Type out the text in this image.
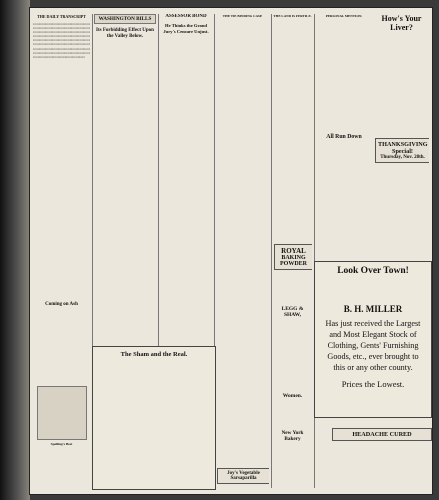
THE DAILY TRANSCRIPT
▪▪▪▪▪▪▪▪▪▪▪▪▪▪▪▪▪▪▪▪▪▪▪▪▪▪▪▪▪▪▪▪▪▪▪▪▪▪▪▪▪▪▪▪▪▪▪▪▪▪▪▪▪▪▪▪▪▪▪▪▪▪▪▪▪▪▪▪▪▪▪▪▪▪▪▪▪▪▪▪▪▪▪▪▪▪▪▪▪▪▪▪▪▪▪▪▪▪▪▪▪▪▪▪▪▪▪▪▪▪▪▪▪▪▪▪▪▪▪▪▪▪▪▪▪▪▪▪▪▪▪▪▪▪▪▪▪▪▪▪▪▪▪▪▪▪▪▪▪▪▪▪▪▪▪▪▪▪▪▪▪▪▪▪▪▪▪▪▪▪▪▪▪▪▪▪▪▪▪▪▪▪▪▪▪▪▪▪▪▪▪▪▪▪▪▪▪▪▪▪▪▪▪▪▪▪▪▪▪▪▪▪▪▪▪▪▪▪▪▪▪▪▪▪▪▪▪▪▪▪▪▪▪▪▪▪▪▪▪▪▪▪▪▪▪▪▪▪▪▪▪▪▪▪▪▪▪▪▪▪▪▪▪▪▪▪▪▪▪▪▪▪▪▪▪▪▪▪▪▪▪▪▪▪▪▪▪▪▪▪▪▪▪▪▪▪▪▪▪▪▪▪▪▪▪▪▪▪▪▪▪▪▪▪▪▪▪▪▪▪▪▪▪▪▪▪▪▪▪▪▪▪▪▪▪▪▪▪▪▪▪▪▪▪▪▪▪▪▪▪▪▪▪▪▪▪▪▪▪▪▪▪▪▪▪▪▪▪▪▪▪▪▪▪▪▪▪▪▪▪▪▪▪▪▪▪▪▪▪▪▪▪▪▪▪▪▪▪▪▪▪▪▪▪▪▪▪▪▪▪▪▪▪▪▪▪▪▪▪▪▪▪▪▪▪▪▪▪
Coming on Ash
Spelling's Best
WASHINGTON BILLS
Its Forbidding Effect Upon the Valley Below.
ASSESSOR BOND
He Thinks the Grand Jury's Censure Unjust.
The Sham and the Real.
THE TIE BINDING CASE
Joy's Vegetable Sarsaparilla
THE LAND IS FERTILE.
ROYAL
BAKING
POWDER
LEGG & SHAW,
Women.
New York Bakery
PERSONAL MENTION.
All Run Down
How's Your Liver?
THANKSGIVING
Special!
Thursday, Nov. 28th.
Look Over Town!
B. H. MILLER
Has just received the Largest and Most Elegant Stock of Clothing, Gents' Furnishing Goods, etc., ever brought to this or any other county.
Prices the Lowest.
HEADACHE CURED
